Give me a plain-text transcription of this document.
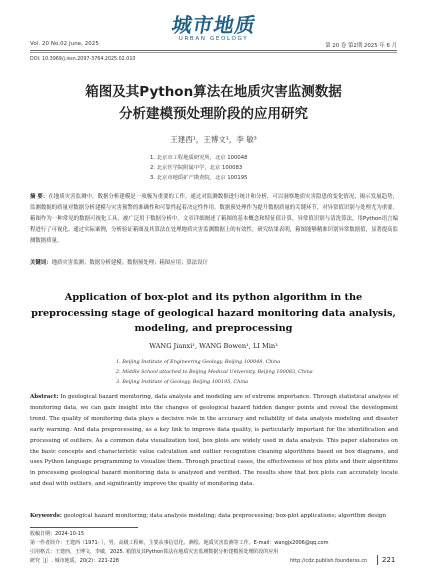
Vol. 20 No.02 June, 2025	第 20 卷 第2期 2025 年 6 月
城市地质
URBAN GEOLOGY
DOI: 10.3969/j.issn.2097-3764.2025.02.010
箱图及其Python算法在地质灾害监测数据
分析建模预处理阶段的应用研究
王建西¹，王博文¹，李 敏³
1. 北京市工程地质研究所，北京 100048
2. 北京医学院附属中学，北京 100083
3. 北京市地质矿产勘查院，北京 100195
摘 要：在地质灾害监测中，数据分析建模是一项极为重要的工作，通过对监测数据进行统计和分析，可以洞察地质灾害隐患的变化情况、揭示发展趋势，监测数据的质量对数据分析建模与灾害预警的准确性和可靠性起着决定性作用。数据预处理作为提升数据质量的关键环节，对异常值识别与处理尤为重要。箱图作为一种常见的数据可视化工具，被广泛用于数据分析中。文章详细阐述了箱图的基本概念和特征值计算，异常值识别与清洗算法，用Python语言编程进行了可视化。通过实际案例，分析验证箱图及其算法在处理地质灾害监测数据上的有效性。研究结果表明，箱图能够精准识别异常数据值，显著提高监测数据质量。
关键词：地质灾害监测；数据分析建模；数据预处理；箱图应用；算法设计
Application of box-plot and its python algorithm in the preprocessing stage of geological hazard monitoring data analysis, modeling, and preprocessing
WANG Jianxi¹, WANG Bowen¹, LI Min³
1. Beijing Institute of Engineering Geology, Beijing 100048, China
2. Middle School attached to Beijing Medical University, Beijing 100083, China
3. Beijing Institute of Geology, Beijing 100195, China
Abstract: In geological hazard monitoring, data analysis and modeling are of extreme importance. Through statistical analysis of monitoring data, we can gain insight into the changes of geological hazard hidden danger points and reveal the development trend. The quality of monitoring data plays a decisive role in the accuracy and reliability of data analysis modeling and disaster early warning. And data preprocessing, as a key link to improve data quality, is particularly important for the identification and processing of outliers. As a common data visualization tool, box plots are widely used in data analysis. This paper elaborates on the basic concepts and characteristic value calculation and outlier recognition cleaning algorithms based on box diagrams, and uses Python language programming to visualize them. Through practical cases, the effectiveness of box plots and their algorithms in processing geological hazard monitoring data is analyzed and verified. The results show that box plots can accurately locate and deal with outliers, and significantly improve the quality of monitoring data.
Keywords: geological hazard monitoring; data analysis modeling; data preprocessing; box-plot applications; algorithm design
收稿日期：2024-10-15
第一作者简介：王建西（1971- ），男，高级工程师，主要从事信息化、测绘、地质灾害监测等工作。E-mail：wangjx2006@qq.com
引用格式：王建西，王博文，李敏，2025. 箱图及其Python算法在地质灾害监测数据分析建模预处理阶段的应用研究［J］. 城市地质，20(2)：221-228	http://cdz.publish.founderss.cn 221
